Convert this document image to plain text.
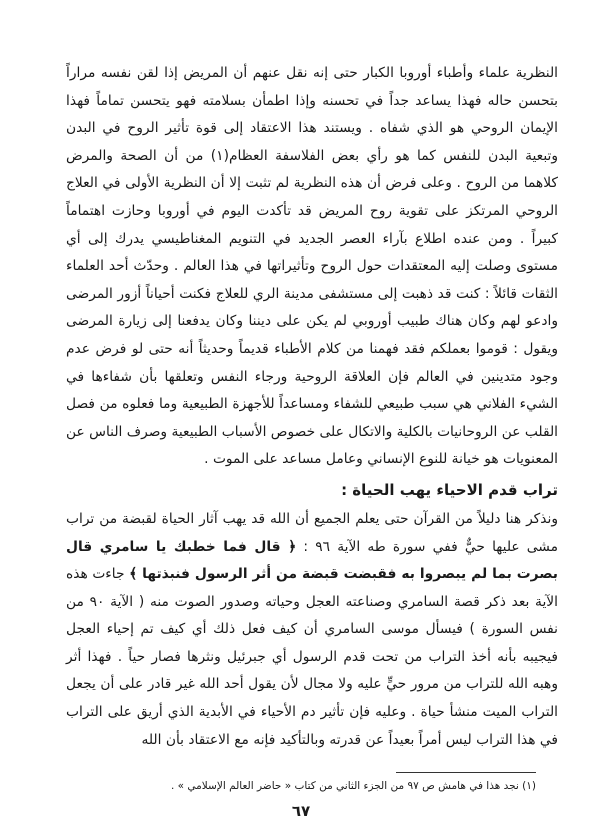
النظرية علماء وأطباء أوروبا الكبار حتى إنه نقل عنهم أن المريض إذا لقن نفسه مراراً بتحسن حاله فهذا يساعد جداً في تحسنه وإذا اطمأن بسلامته فهو يتحسن تماماً فهذا الإيمان الروحي هو الذي شفاه . ويستند هذا الاعتقاد إلى قوة تأثير الروح في البدن وتبعية البدن للنفس كما هو رأي بعض الفلاسفة العظام(١) من أن الصحة والمرض كلاهما من الروح . وعلى فرض أن هذه النظرية لم تثبت إلا أن النظرية الأولى في العلاج الروحي المرتكز على تقوية روح المريض قد تأكدت اليوم في أوروبا وحازت اهتماماً كبيراً . ومن عنده اطلاع بآراء العصر الجديد في التنويم المغناطيسي يدرك إلى أي مستوى وصلت إليه المعتقدات حول الروح وتأثيراتها في هذا العالم . وحدّث أحد العلماء الثقات قائلاً : كنت قد ذهبت إلى مستشفى مدينة الري للعلاج فكنت أحياناً أزور المرضى وادعو لهم وكان هناك طبيب أوروبي لم يكن على ديننا وكان يدفعنا إلى زيارة المرضى ويقول : قوموا بعملكم فقد فهمنا من كلام الأطباء قديماً وحديثاً أنه حتى لو فرض عدم وجود متدينين في العالم فإن العلاقة الروحية ورجاء النفس وتعلقها بأن شفاءها في الشيء الفلاني هي سبب طبيعي للشفاء ومساعداً للأجهزة الطبيعية وما فعلوه من فصل القلب عن الروحانيات بالكلية والاتكال على خصوص الأسباب الطبيعية وصرف الناس عن المعنويات هو خيانة للنوع الإنساني وعامل مساعد على الموت .

تراب قدم الاحياء يهب الحياة :

ونذكر هنا دليلاً من القرآن حتى يعلم الجميع أن الله قد يهب آثار الحياة لقبضة من تراب مشى عليها حيٌّ ففي سورة طه الآية ٩٦ : ﴿ قال فما خطبك يا سامري قال بصرت بما لم يبصروا به فقبضت قبضة من أثر الرسول فنبذتها ﴾ جاءت هذه الآية بعد ذكر قصة السامري وصناعته العجل وحياته وصدور الصوت منه ( الآية ٩٠ من نفس السورة ) فيسأل موسى السامري أن كيف فعل ذلك أي كيف تم إحياء العجل فيجيبه بأنه أخذ التراب من تحت قدم الرسول أي جبرئيل ونثرها فصار حياً . فهذا أثر وهبه الله للتراب من مرور حيٍّ عليه ولا مجال لأن يقول أحد الله غير قادر على أن يجعل التراب الميت منشأ حياة . وعليه فإن تأثير دم الأحياء في الأبدية الذي أريق على التراب في هذا التراب ليس أمراً بعيداً عن قدرته وبالتأكيد فإنه مع الاعتقاد بأن الله

(١) نجد هذا في هامش ص ٩٧ من الجزء الثاني من كتاب « حاضر العالم الإسلامي » .

٦٧
